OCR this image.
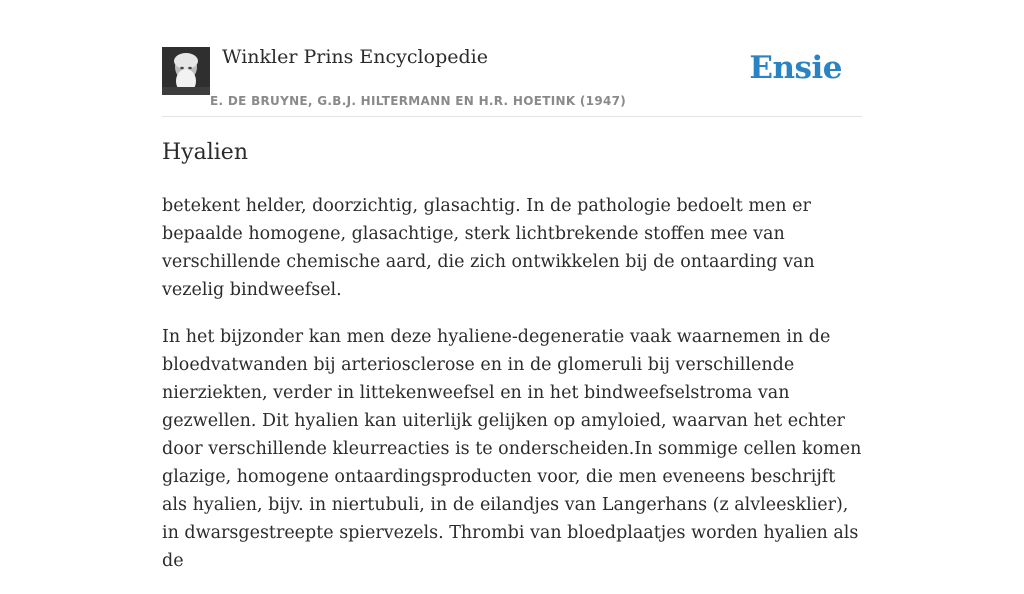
Winkler Prins Encyclopedie
E. DE BRUYNE, G.B.J. HILTERMANN EN H.R. HOETINK (1947)
Ensie
Hyalien

betekent helder, doorzichtig, glasachtig. In de pathologie bedoelt men er bepaalde homogene, glasachtige, sterk lichtbrekende stoffen mee van verschillende chemische aard, die zich ontwikkelen bij de ontaarding van vezelig bindweefsel.

In het bijzonder kan men deze hyaliene-degeneratie vaak waarnemen in de bloedvatwanden bij arteriosclerose en in de glomeruli bij verschillende nierziekten, verder in littekenweefsel en in het bindweefselstroma van gezwellen. Dit hyalien kan uiterlijk gelijken op amyloied, waarvan het echter door verschillende kleurreacties is te onderscheiden.In sommige cellen komen glazige, homogene ontaardingsproducten voor, die men eveneens beschrijft als hyalien, bijv. in niertubuli, in de eilandjes van Langerhans (z alvleesklier), in dwarsgestreepte spiervezels. Thrombi van bloedplaatjes worden hyalien als de
